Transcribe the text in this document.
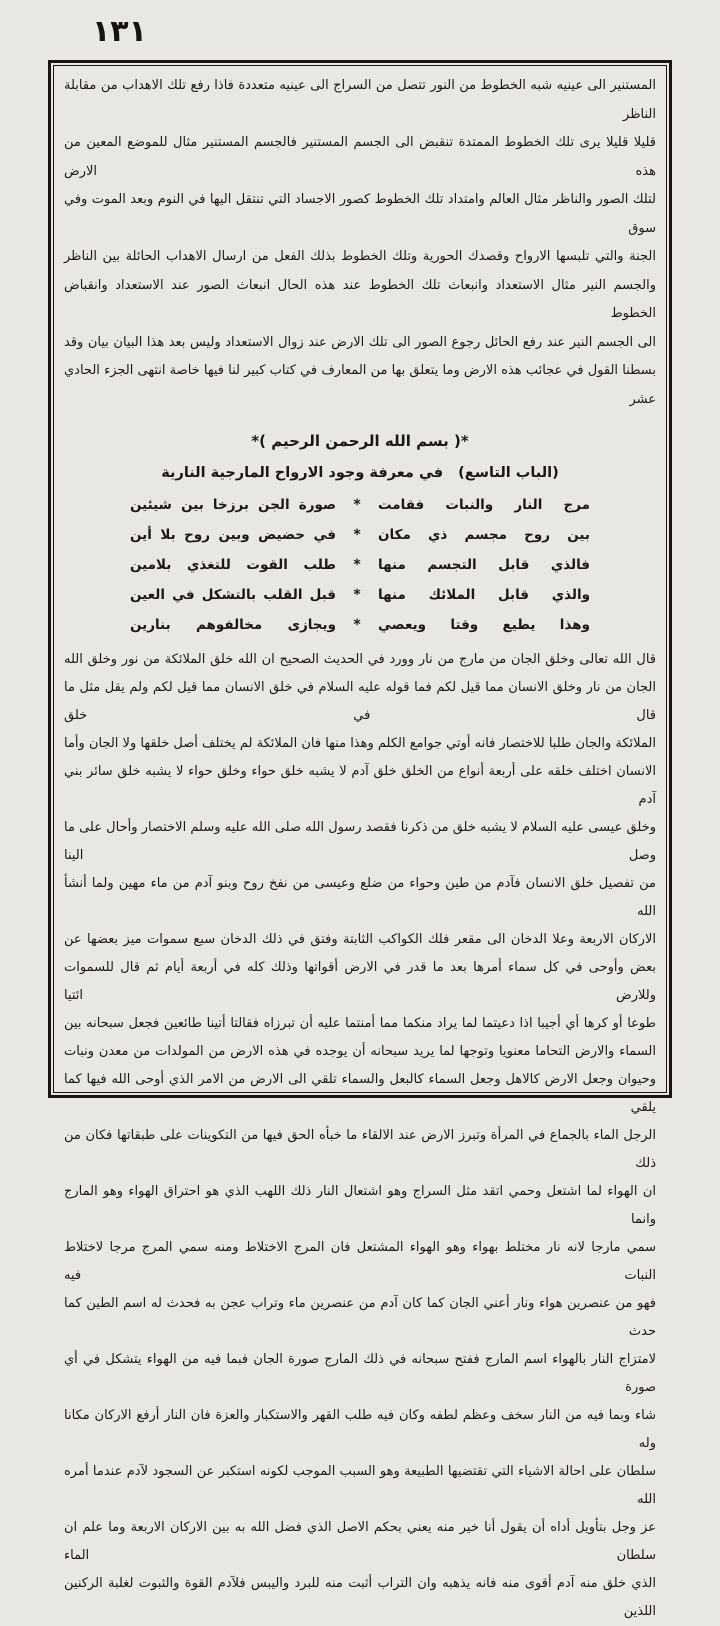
١٣١

المستنير الى عينيه شبه الخطوط من النور تتصل من السراج الى عينيه متعددة فاذا رفع تلك الاهداب من مقابلة الناظر

قليلا قليلا يرى تلك الخطوط الممتدة تنقبض الى الجسم المستنير فالجسم المستنير مثال للموضع المعين من هذه الارض

لتلك الصور والناظر مثال العالم وامتداد تلك الخطوط كصور الاجساد التي تنتقل اليها في النوم وبعد الموت وفي سوق

الجنة والتي تلبسها الارواح وقصدك الحورية وتلك الخطوط بذلك الفعل من ارسال الاهداب الحائلة بين الناظر

والجسم النير مثال الاستعداد وانبعاث تلك الخطوط عند هذه الحال انبعاث الصور عند الاستعداد وانقباض الخطوط

الى الجسم النير عند رفع الحائل رجوع الصور الى تلك الارض عند زوال الاستعداد وليس بعد هذا البيان بيان وقد

بسطنا القول في عجائب هذه الارض وما يتعلق بها من المعارف في كتاب كبير لنا فيها خاصة انتهى الجزء الحادي عشر

*( بسم الله الرحمن الرحيم )*

(الباب التاسع) في معرفة وجود الارواح المارجية النارية

مرج النار والنبات فقامت
*
صورة الجن برزخا بين شيئين
بين روح مجسم ذي مكان
*
في حضيض وبين روح بلا أين
فالذي قابل التجسم منها
*
طلب القوت للتغذي بلامين
والذي قابل الملائك منها
*
قبل القلب بالتشكل في العين
وهذا يطيع وقتا ويعصي
*
ويجازى مخالفوهم بنارين

قال الله تعالى وخلق الجان من مارج من نار وورد في الحديث الصحيح ان الله خلق الملائكة من نور وخلق الله

الجان من نار وخلق الانسان مما قيل لكم فما قوله عليه السلام في خلق الانسان مما قيل لكم ولم يقل مثل ما قال في خلق

الملائكة والجان طلبا للاختصار فانه أوتي جوامع الكلم وهذا منها فان الملائكة لم يختلف أصل خلقها ولا الجان وأما

الانسان اختلف خلقه على أربعة أنواع من الخلق خلق آدم لا يشبه خلق حواء وخلق حواء لا يشبه خلق سائر بني آدم

وخلق عيسى عليه السلام لا يشبه خلق من ذكرنا فقصد رسول الله صلى الله عليه وسلم الاختصار وأحال على ما وصل الينا

من تفصيل خلق الانسان فآدم من طين وحواء من ضلع وعيسى من نفخ روح وبنو آدم من ماء مهين ولما أنشأ الله

الاركان الاربعة وعلا الدخان الى مقعر فلك الكواكب الثابتة وفتق في ذلك الدخان سبع سموات ميز بعضها عن

بعض وأوحى في كل سماء أمرها بعد ما قدر في الارض أقواتها وذلك كله في أربعة أيام ثم قال للسموات وللارض ائتيا

طوعا أو كرها أي أجيبا اذا دعيتما لما يراد منكما مما أمنتما عليه أن تبرزاه فقالتا أتينا طائعين فجعل سبحانه بين

السماء والارض التحاما معنويا وتوجها لما يريد سبحانه أن يوجده في هذه الارض من المولدات من معدن ونبات

وحيوان وجعل الارض كالاهل وجعل السماء كالبعل والسماء تلقي الى الارض من الامر الذي أوحى الله فيها كما يلقي

الرجل الماء بالجماع في المرأة وتبرز الارض عند الالقاء ما خبأه الحق فيها من التكوينات على طبقاتها فكان من ذلك

ان الهواء لما اشتعل وحمي اتقد مثل السراج وهو اشتعال النار ذلك اللهب الذي هو احتراق الهواء وهو المارج وانما

سمي مارجا لانه نار مختلط بهواء وهو الهواء المشتعل فان المرج الاختلاط ومنه سمي المرج مرجا لاختلاط النبات فيه

فهو من عنصرين هواء ونار أعني الجان كما كان آدم من عنصرين ماء وتراب عجن به فحدث له اسم الطين كما حدث

لامتزاج النار بالهواء اسم المارج ففتح سبحانه في ذلك المارج صورة الجان فبما فيه من الهواء يتشكل في أي صورة

شاء وبما فيه من النار سخف وعظم لطفه وكان فيه طلب القهر والاستكبار والعزة فان النار أرفع الاركان مكانا وله

سلطان على احالة الاشياء التي تقتضيها الطبيعة وهو السبب الموجب لكونه استكبر عن السجود لآدم عندما أمره الله

عز وجل بتأويل أداه أن يقول أنا خير منه يعني بحكم الاصل الذي فضل الله به بين الاركان الاربعة وما علم ان سلطان الماء

الذي خلق منه آدم أقوى منه فانه يذهبه وان التراب أثبت منه للبرد واليبس فلآدم القوة والثبوت لغلبة الركنين اللذين
